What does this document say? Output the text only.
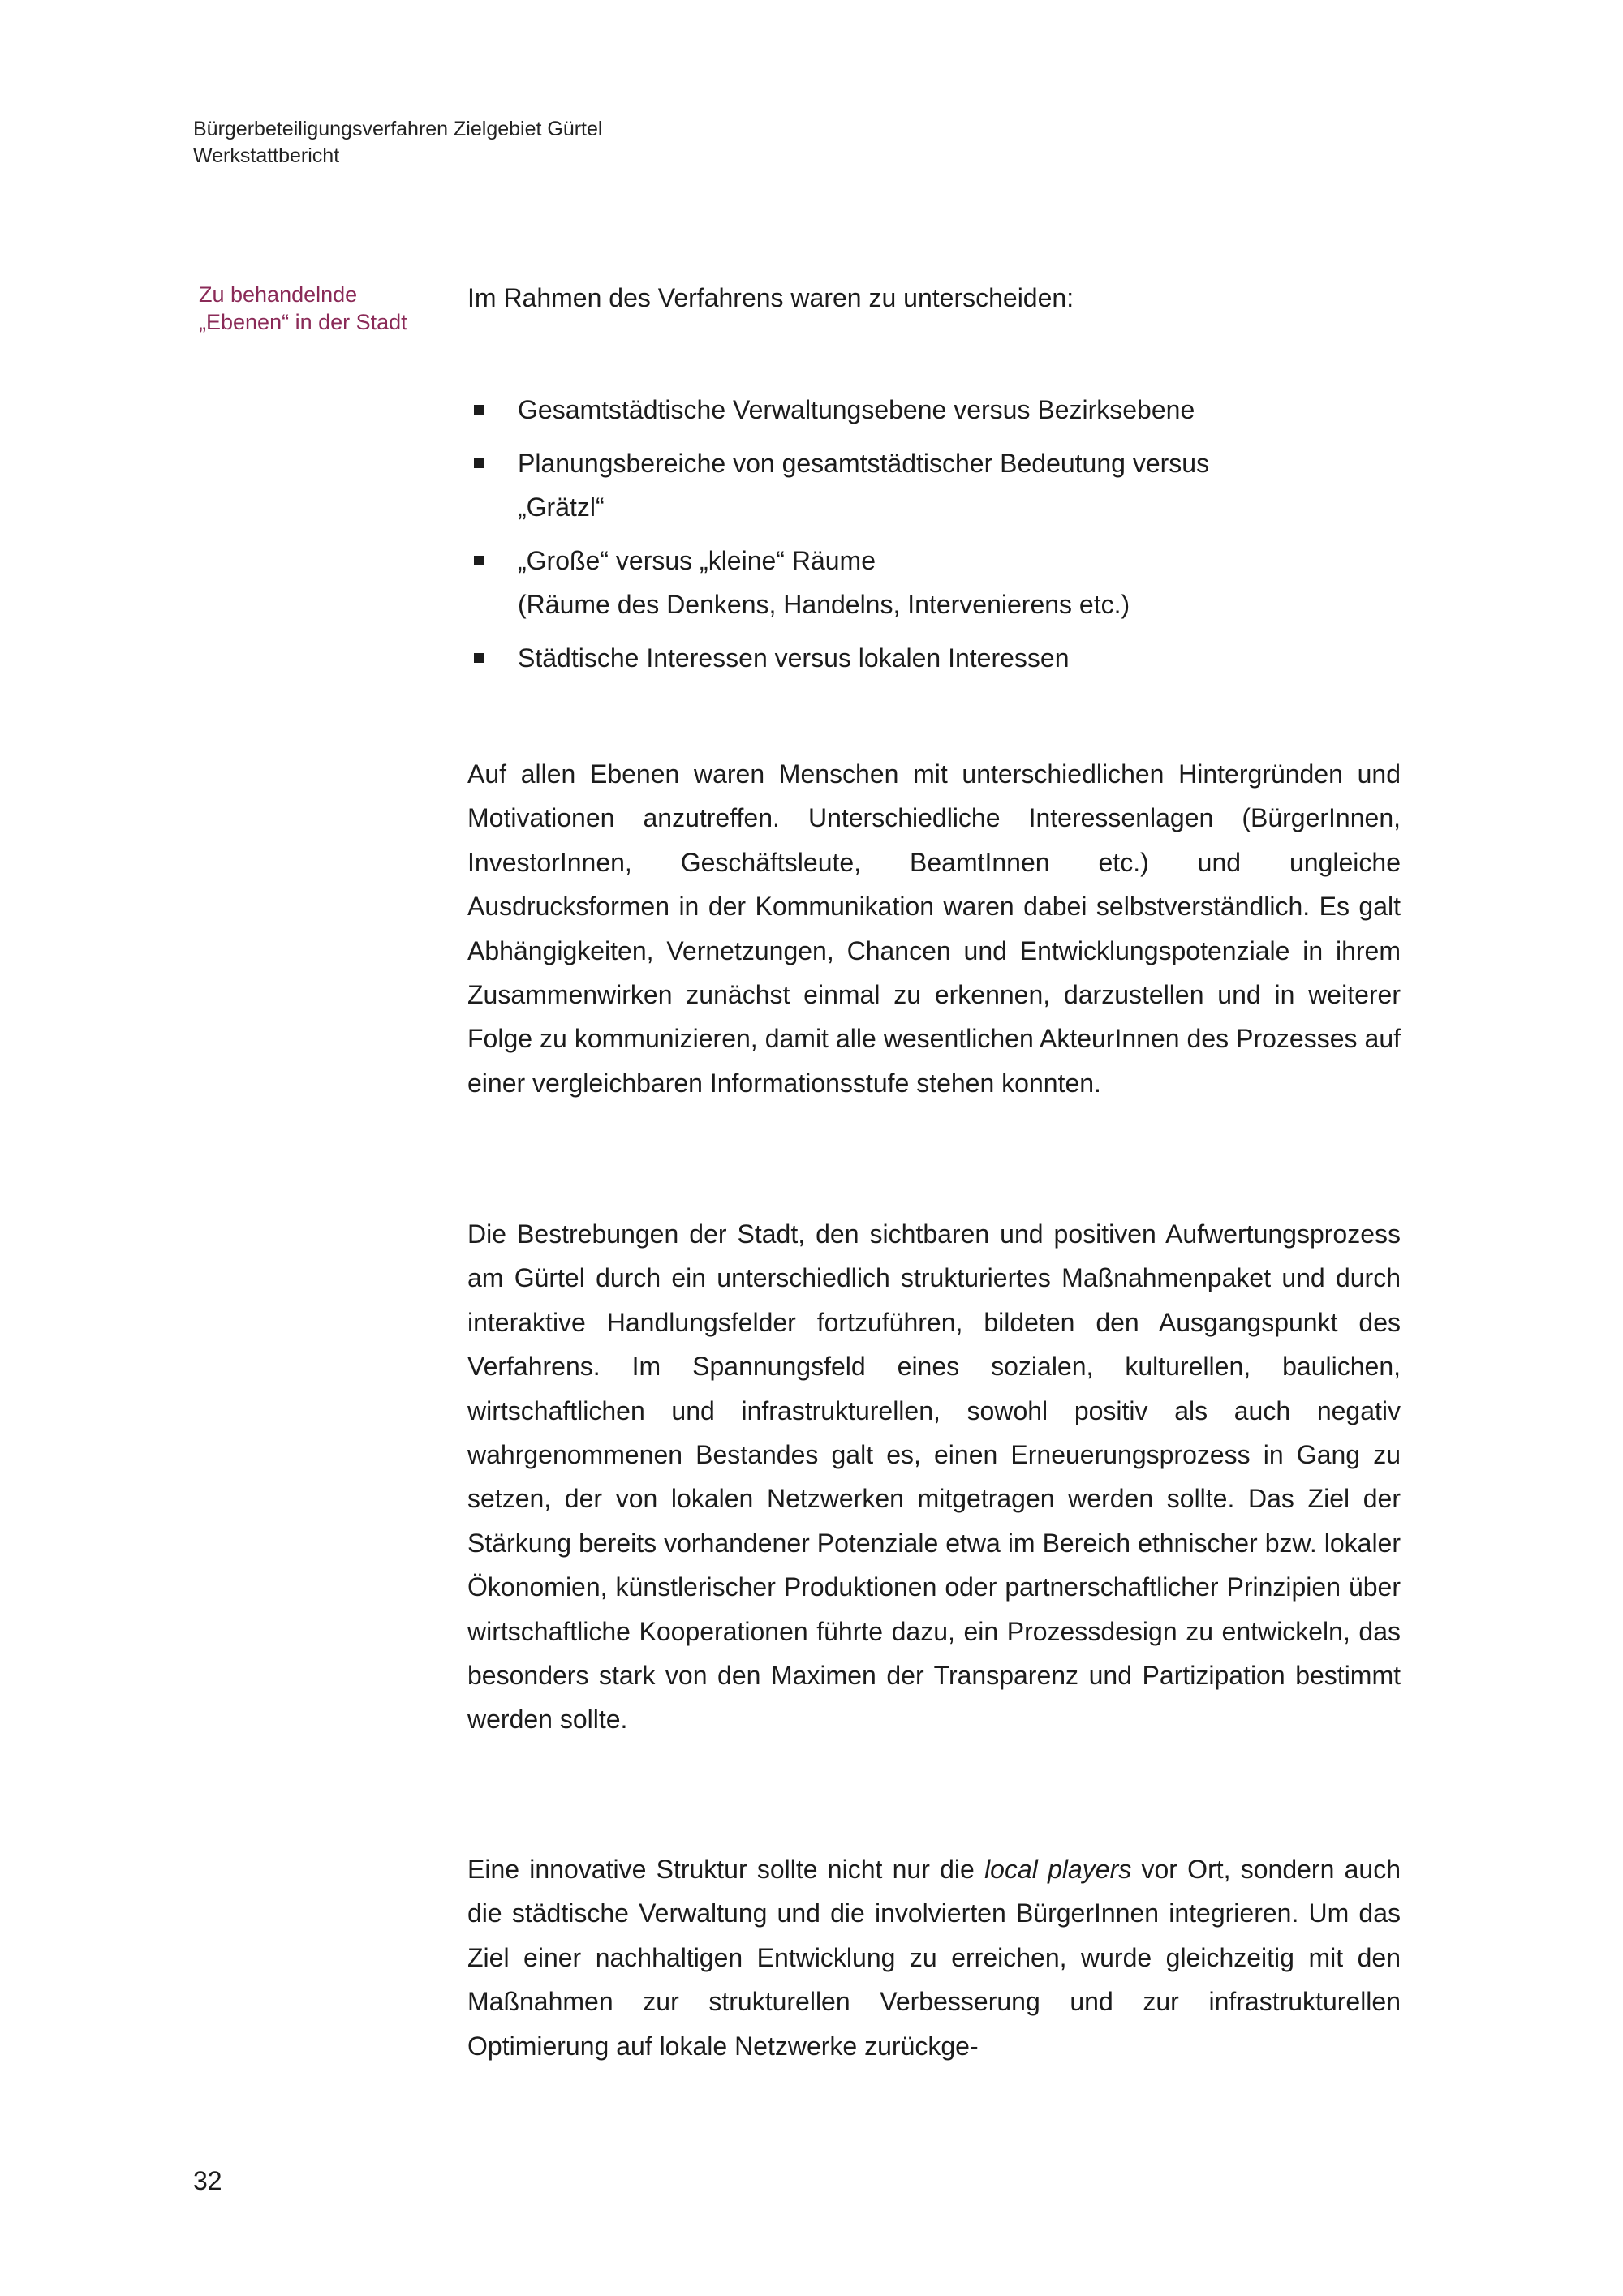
Bürgerbeteiligungsverfahren Zielgebiet Gürtel
Werkstattbericht
Zu behandelnde
„Ebenen“ in der Stadt
Im Rahmen des Verfahrens waren zu unterscheiden:
Gesamtstädtische Verwaltungsebene versus Bezirksebene
Planungsbereiche von gesamtstädtischer Bedeutung versus
„Grätzl“
„Große“ versus „kleine“ Räume
(Räume des Denkens, Handelns, Intervenierens etc.)
Städtische Interessen versus lokalen Interessen

Auf allen Ebenen waren Menschen mit unterschiedlichen Hintergründen und Motivationen anzutreffen. Unterschiedliche Interessenlagen (BürgerInnen, InvestorInnen, Geschäftsleute, BeamtInnen etc.) und ungleiche Ausdrucksformen in der Kommunikation waren dabei selbstverständlich. Es galt Abhängigkeiten, Vernetzungen, Chancen und Entwicklungspotenziale in ihrem Zusammenwirken zunächst einmal zu erkennen, darzustellen und in weiterer Folge zu kommunizieren, damit alle wesentlichen AkteurInnen des Prozesses auf einer vergleichbaren Informationsstufe stehen konnten.

Die Bestrebungen der Stadt, den sichtbaren und positiven Aufwertungsprozess am Gürtel durch ein unterschiedlich strukturiertes Maßnahmenpaket und durch interaktive Handlungsfelder fortzuführen, bildeten den Ausgangspunkt des Verfahrens. Im Spannungsfeld eines sozialen, kulturellen, baulichen, wirtschaftlichen und infrastrukturellen, sowohl positiv als auch negativ wahrgenommenen Bestandes galt es, einen Erneuerungsprozess in Gang zu setzen, der von lokalen Netzwerken mitgetragen werden sollte. Das Ziel der Stärkung bereits vorhandener Potenziale etwa im Bereich ethnischer bzw. lokaler Ökonomien, künstlerischer Produktionen oder partnerschaftlicher Prinzipien über wirtschaftliche Kooperationen führte dazu, ein Prozessdesign zu entwickeln, das besonders stark von den Maximen der Transparenz und Partizipation bestimmt werden sollte.

Eine innovative Struktur sollte nicht nur die local players vor Ort, sondern auch die städtische Verwaltung und die involvierten BürgerInnen integrieren. Um das Ziel einer nachhaltigen Entwicklung zu erreichen, wurde gleichzeitig mit den Maßnahmen zur strukturellen Verbesserung und zur infrastrukturellen Optimierung auf lokale Netzwerke zurückge-

32
